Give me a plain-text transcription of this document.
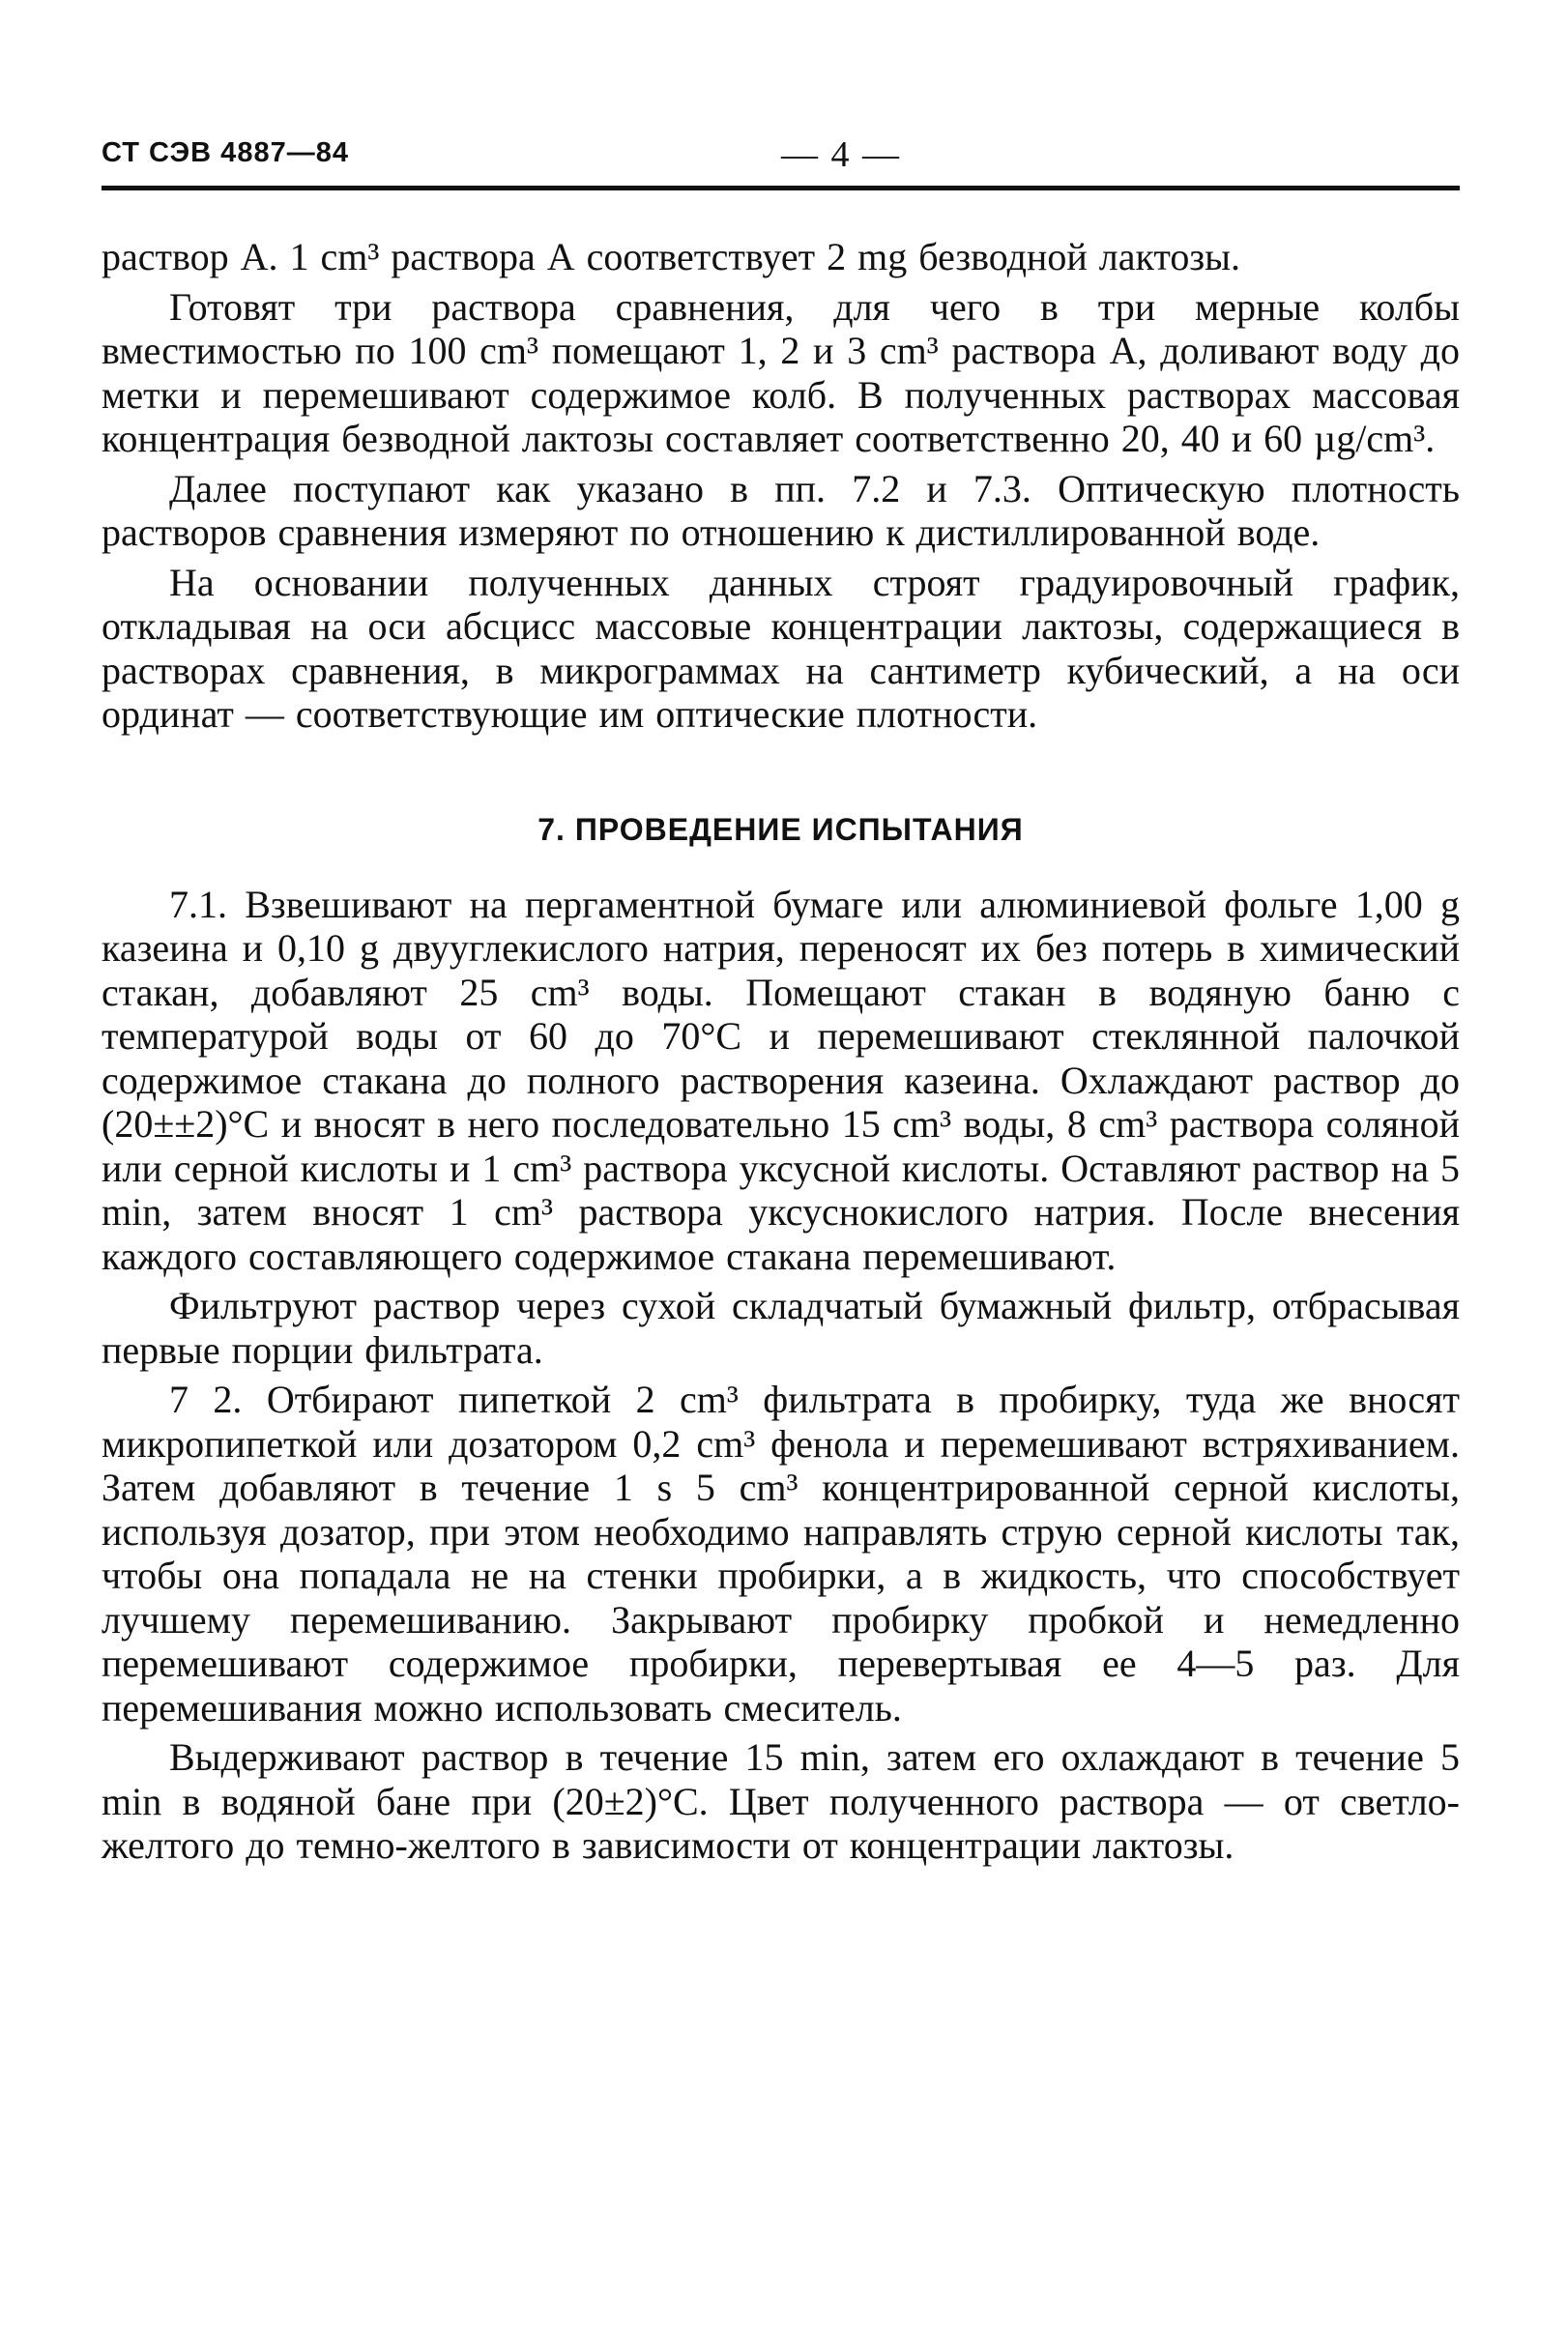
СТ СЭВ 4887—84	— 4 —

раствор А. 1 cm³ раствора А соответствует 2 mg безводной лактозы.

Готовят три раствора сравнения, для чего в три мерные колбы вместимостью по 100 cm³ помещают 1, 2 и 3 cm³ раствора А, доливают воду до метки и перемешивают содержимое колб. В полученных растворах массовая концентрация безводной лактозы составляет соответственно 20, 40 и 60 µg/cm³.

Далее поступают как указано в пп. 7.2 и 7.3. Оптическую плотность растворов сравнения измеряют по отношению к дистиллированной воде.

На основании полученных данных строят градуировочный график, откладывая на оси абсцисс массовые концентрации лактозы, содержащиеся в растворах сравнения, в микрограммах на сантиметр кубический, а на оси ординат — соответствующие им оптические плотности.

7. ПРОВЕДЕНИЕ ИСПЫТАНИЯ

7.1. Взвешивают на пергаментной бумаге или алюминиевой фольге 1,00 g казеина и 0,10 g двууглекислого натрия, переносят их без потерь в химический стакан, добавляют 25 cm³ воды. Помещают стакан в водяную баню с температурой воды от 60 до 70°С и перемешивают стеклянной палочкой содержимое стакана до полного растворения казеина. Охлаждают раствор до (20±±2)°С и вносят в него последовательно 15 cm³ воды, 8 cm³ раствора соляной или серной кислоты и 1 cm³ раствора уксусной кислоты. Оставляют раствор на 5 min, затем вносят 1 cm³ раствора уксуснокислого натрия. После внесения каждого составляющего содержимое стакана перемешивают.

Фильтруют раствор через сухой складчатый бумажный фильтр, отбрасывая первые порции фильтрата.

7 2. Отбирают пипеткой 2 cm³ фильтрата в пробирку, туда же вносят микропипеткой или дозатором 0,2 cm³ фенола и перемешивают встряхиванием. Затем добавляют в течение 1 s 5 cm³ концентрированной серной кислоты, используя дозатор, при этом необходимо направлять струю серной кислоты так, чтобы она попадала не на стенки пробирки, а в жидкость, что способствует лучшему перемешиванию. Закрывают пробирку пробкой и немедленно перемешивают содержимое пробирки, перевертывая ее 4—5 раз. Для перемешивания можно использовать смеситель.

Выдерживают раствор в течение 15 min, затем его охлаждают в течение 5 min в водяной бане при (20±2)°С. Цвет полученного раствора — от светло-желтого до темно-желтого в зависимости от концентрации лактозы.
